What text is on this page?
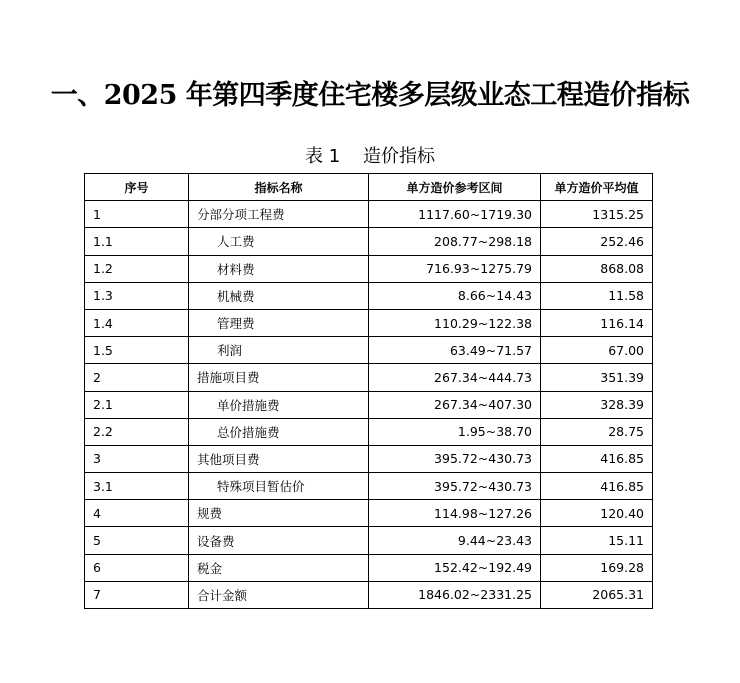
一、2025 年第四季度住宅楼多层级业态工程造价指标
表 1    造价指标
序号	指标名称	单方造价参考区间	单方造价平均值
1	分部分项工程费	1117.60~1719.30	1315.25
1.1	人工费	208.77~298.18	252.46
1.2	材料费	716.93~1275.79	868.08
1.3	机械费	8.66~14.43	11.58
1.4	管理费	110.29~122.38	116.14
1.5	利润	63.49~71.57	67.00
2	措施项目费	267.34~444.73	351.39
2.1	单价措施费	267.34~407.30	328.39
2.2	总价措施费	1.95~38.70	28.75
3	其他项目费	395.72~430.73	416.85
3.1	特殊项目暂估价	395.72~430.73	416.85
4	规费	114.98~127.26	120.40
5	设备费	9.44~23.43	15.11
6	税金	152.42~192.49	169.28
7	合计金额	1846.02~2331.25	2065.31
